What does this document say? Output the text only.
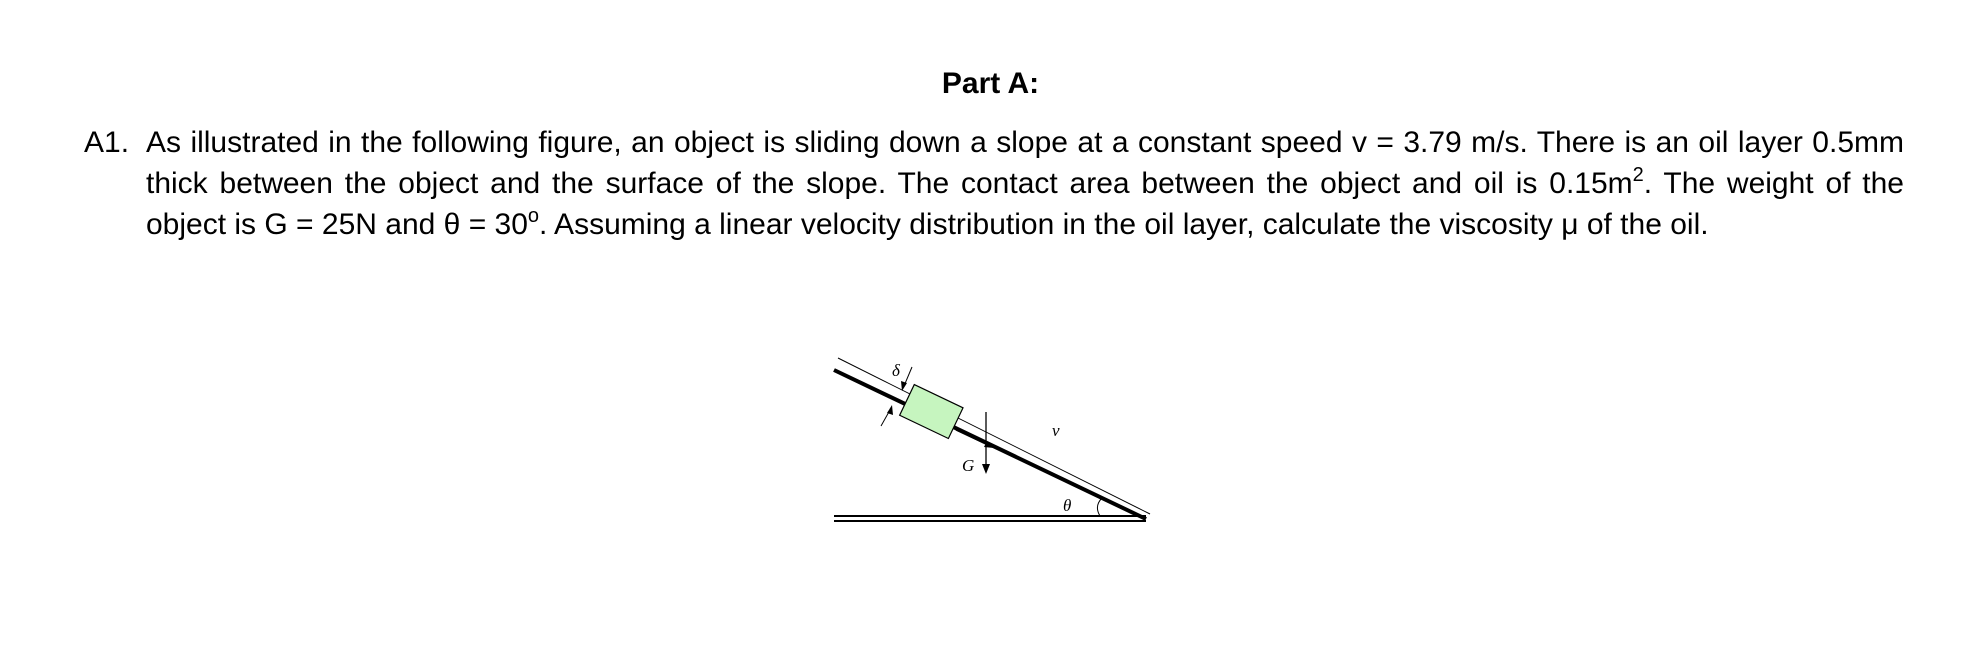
Part A:
A1. As illustrated in the following figure, an object is sliding down a slope at a constant speed v = 3.79 m/s. There is an oil layer 0.5mm thick between the object and the surface of the slope. The contact area between the object and oil is $0.15m^2$. The weight of the object is G = 25N and $\theta = 30^o$. Assuming a linear velocity distribution in the oil layer, calculate the viscosity μ of the oil.
v
G
δ
θ
